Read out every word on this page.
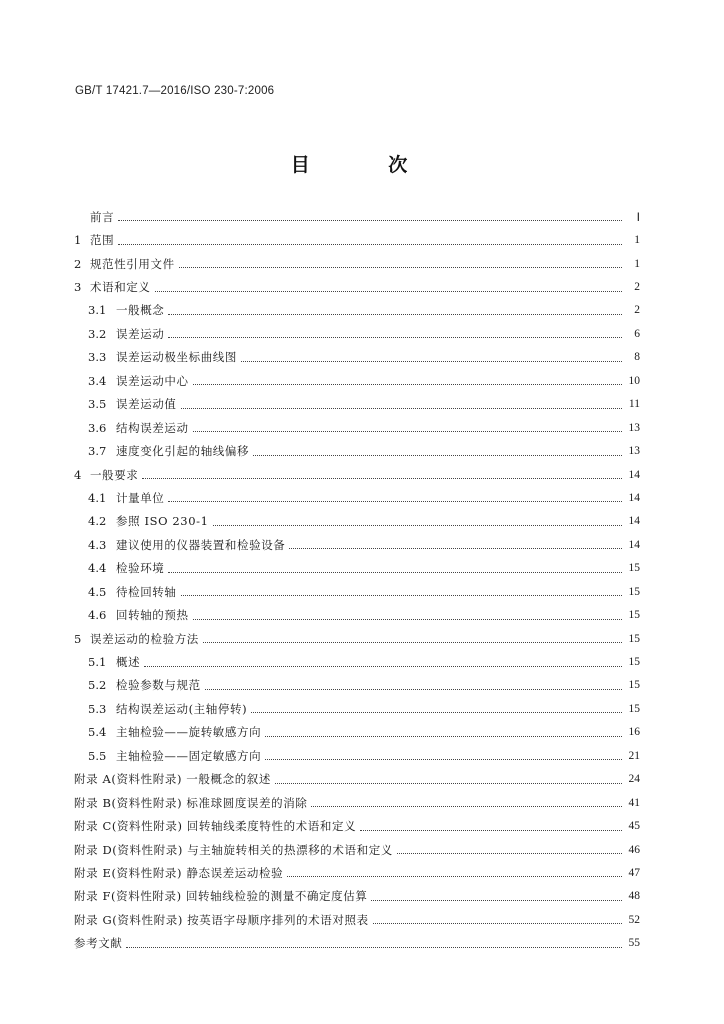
GB/T 17421.7—2016/ISO 230-7:2006
目 次
前言	Ⅰ
1 范围	1
2 规范性引用文件	1
3 术语和定义	2
3.1 一般概念	2
3.2 误差运动	6
3.3 误差运动极坐标曲线图	8
3.4 误差运动中心	10
3.5 误差运动值	11
3.6 结构误差运动	13
3.7 速度变化引起的轴线偏移	13
4 一般要求	14
4.1 计量单位	14
4.2 参照 ISO 230-1	14
4.3 建议使用的仪器装置和检验设备	14
4.4 检验环境	15
4.5 待检回转轴	15
4.6 回转轴的预热	15
5 误差运动的检验方法	15
5.1 概述	15
5.2 检验参数与规范	15
5.3 结构误差运动(主轴停转)	15
5.4 主轴检验——旋转敏感方向	16
5.5 主轴检验——固定敏感方向	21
附录 A(资料性附录) 一般概念的叙述	24
附录 B(资料性附录) 标准球圆度误差的消除	41
附录 C(资料性附录) 回转轴线柔度特性的术语和定义	45
附录 D(资料性附录) 与主轴旋转相关的热漂移的术语和定义	46
附录 E(资料性附录) 静态误差运动检验	47
附录 F(资料性附录) 回转轴线检验的测量不确定度估算	48
附录 G(资料性附录) 按英语字母顺序排列的术语对照表	52
参考文献	55
